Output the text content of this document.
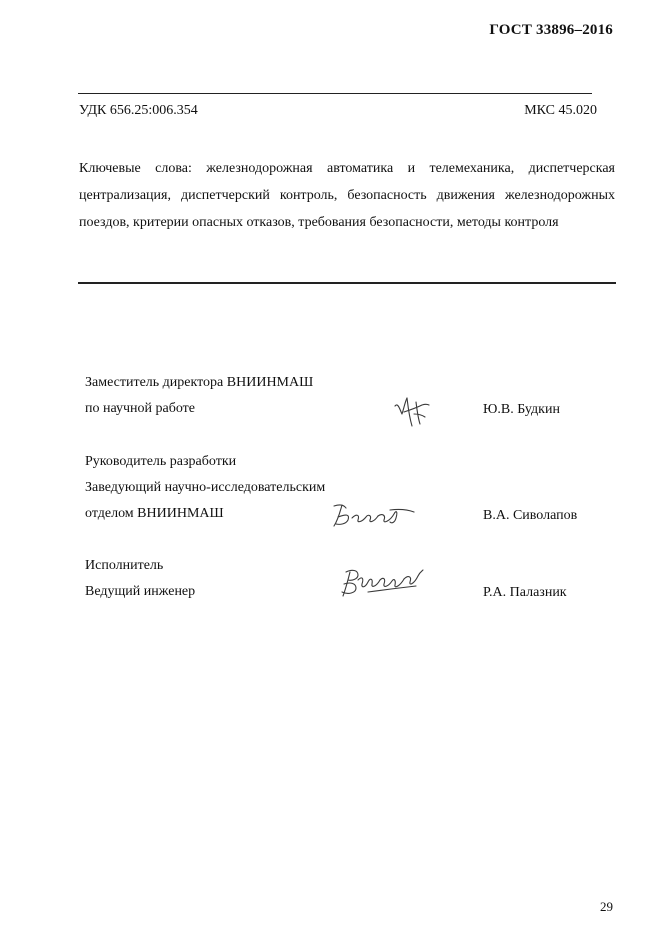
ГОСТ 33896–2016
УДК 656.25:006.354	МКС 45.020
Ключевые слова: железнодорожная автоматика и телемеханика, диспетчерская централизация, диспетчерский контроль, безопасность движения железнодорожных поездов, критерии опасных отказов, требования безопасности, методы контроля
Заместитель директора ВНИИНМАШ
по научной работе	Ю.В. Будкин
Руководитель разработки
Заведующий научно-исследовательским
отделом ВНИИНМАШ	В.А. Сиволапов
Исполнитель
Ведущий инженер	Р.А. Палазник
29
